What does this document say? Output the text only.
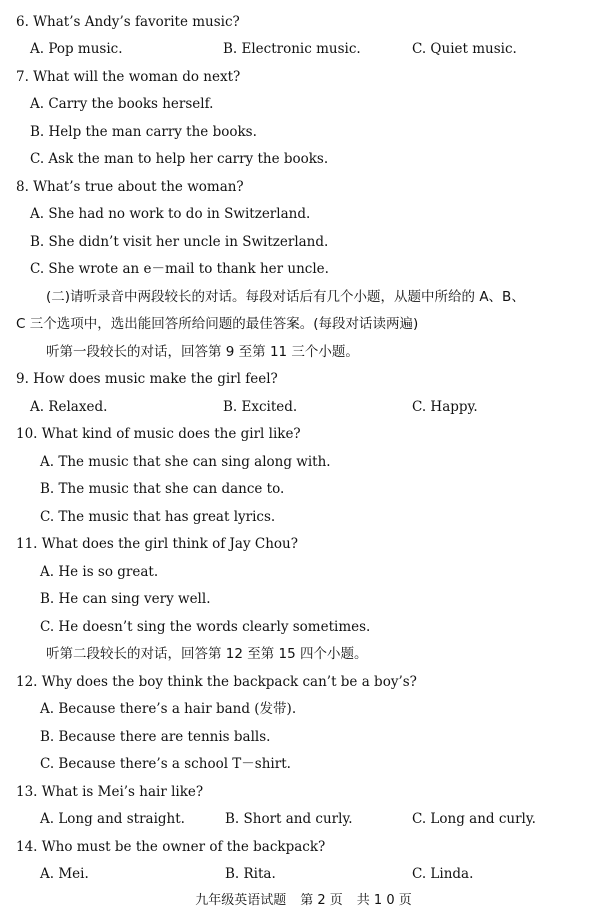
6. What’s Andy’s favorite music?
A. Pop music.	B. Electronic music.	C. Quiet music.
7. What will the woman do next?
A. Carry the books herself.
B. Help the man carry the books.
C. Ask the man to help her carry the books.
8. What’s true about the woman?
A. She had no work to do in Switzerland.
B. She didn’t visit her uncle in Switzerland.
C. She wrote an e－mail to thank her uncle.
(二)请听录音中两段较长的对话。每段对话后有几个小题，从题中所给的 A、B、
C 三个选项中，选出能回答所给问题的最佳答案。(每段对话读两遍)
听第一段较长的对话，回答第 9 至第 11 三个小题。
9. How does music make the girl feel?
A. Relaxed.	B. Excited.	C. Happy.
10. What kind of music does the girl like?
A. The music that she can sing along with.
B. The music that she can dance to.
C. The music that has great lyrics.
11. What does the girl think of Jay Chou?
A. He is so great.
B. He can sing very well.
C. He doesn’t sing the words clearly sometimes.
听第二段较长的对话，回答第 12 至第 15 四个小题。
12. Why does the boy think the backpack can’t be a boy’s?
A. Because there’s a hair band (发带).
B. Because there are tennis balls.
C. Because there’s a school T－shirt.
13. What is Mei’s hair like?
A. Long and straight.	B. Short and curly.	C. Long and curly.
14. Who must be the owner of the backpack?
A. Mei.	B. Rita.	C. Linda.
九年级英语试题 第 2 页 共 1 0 页
